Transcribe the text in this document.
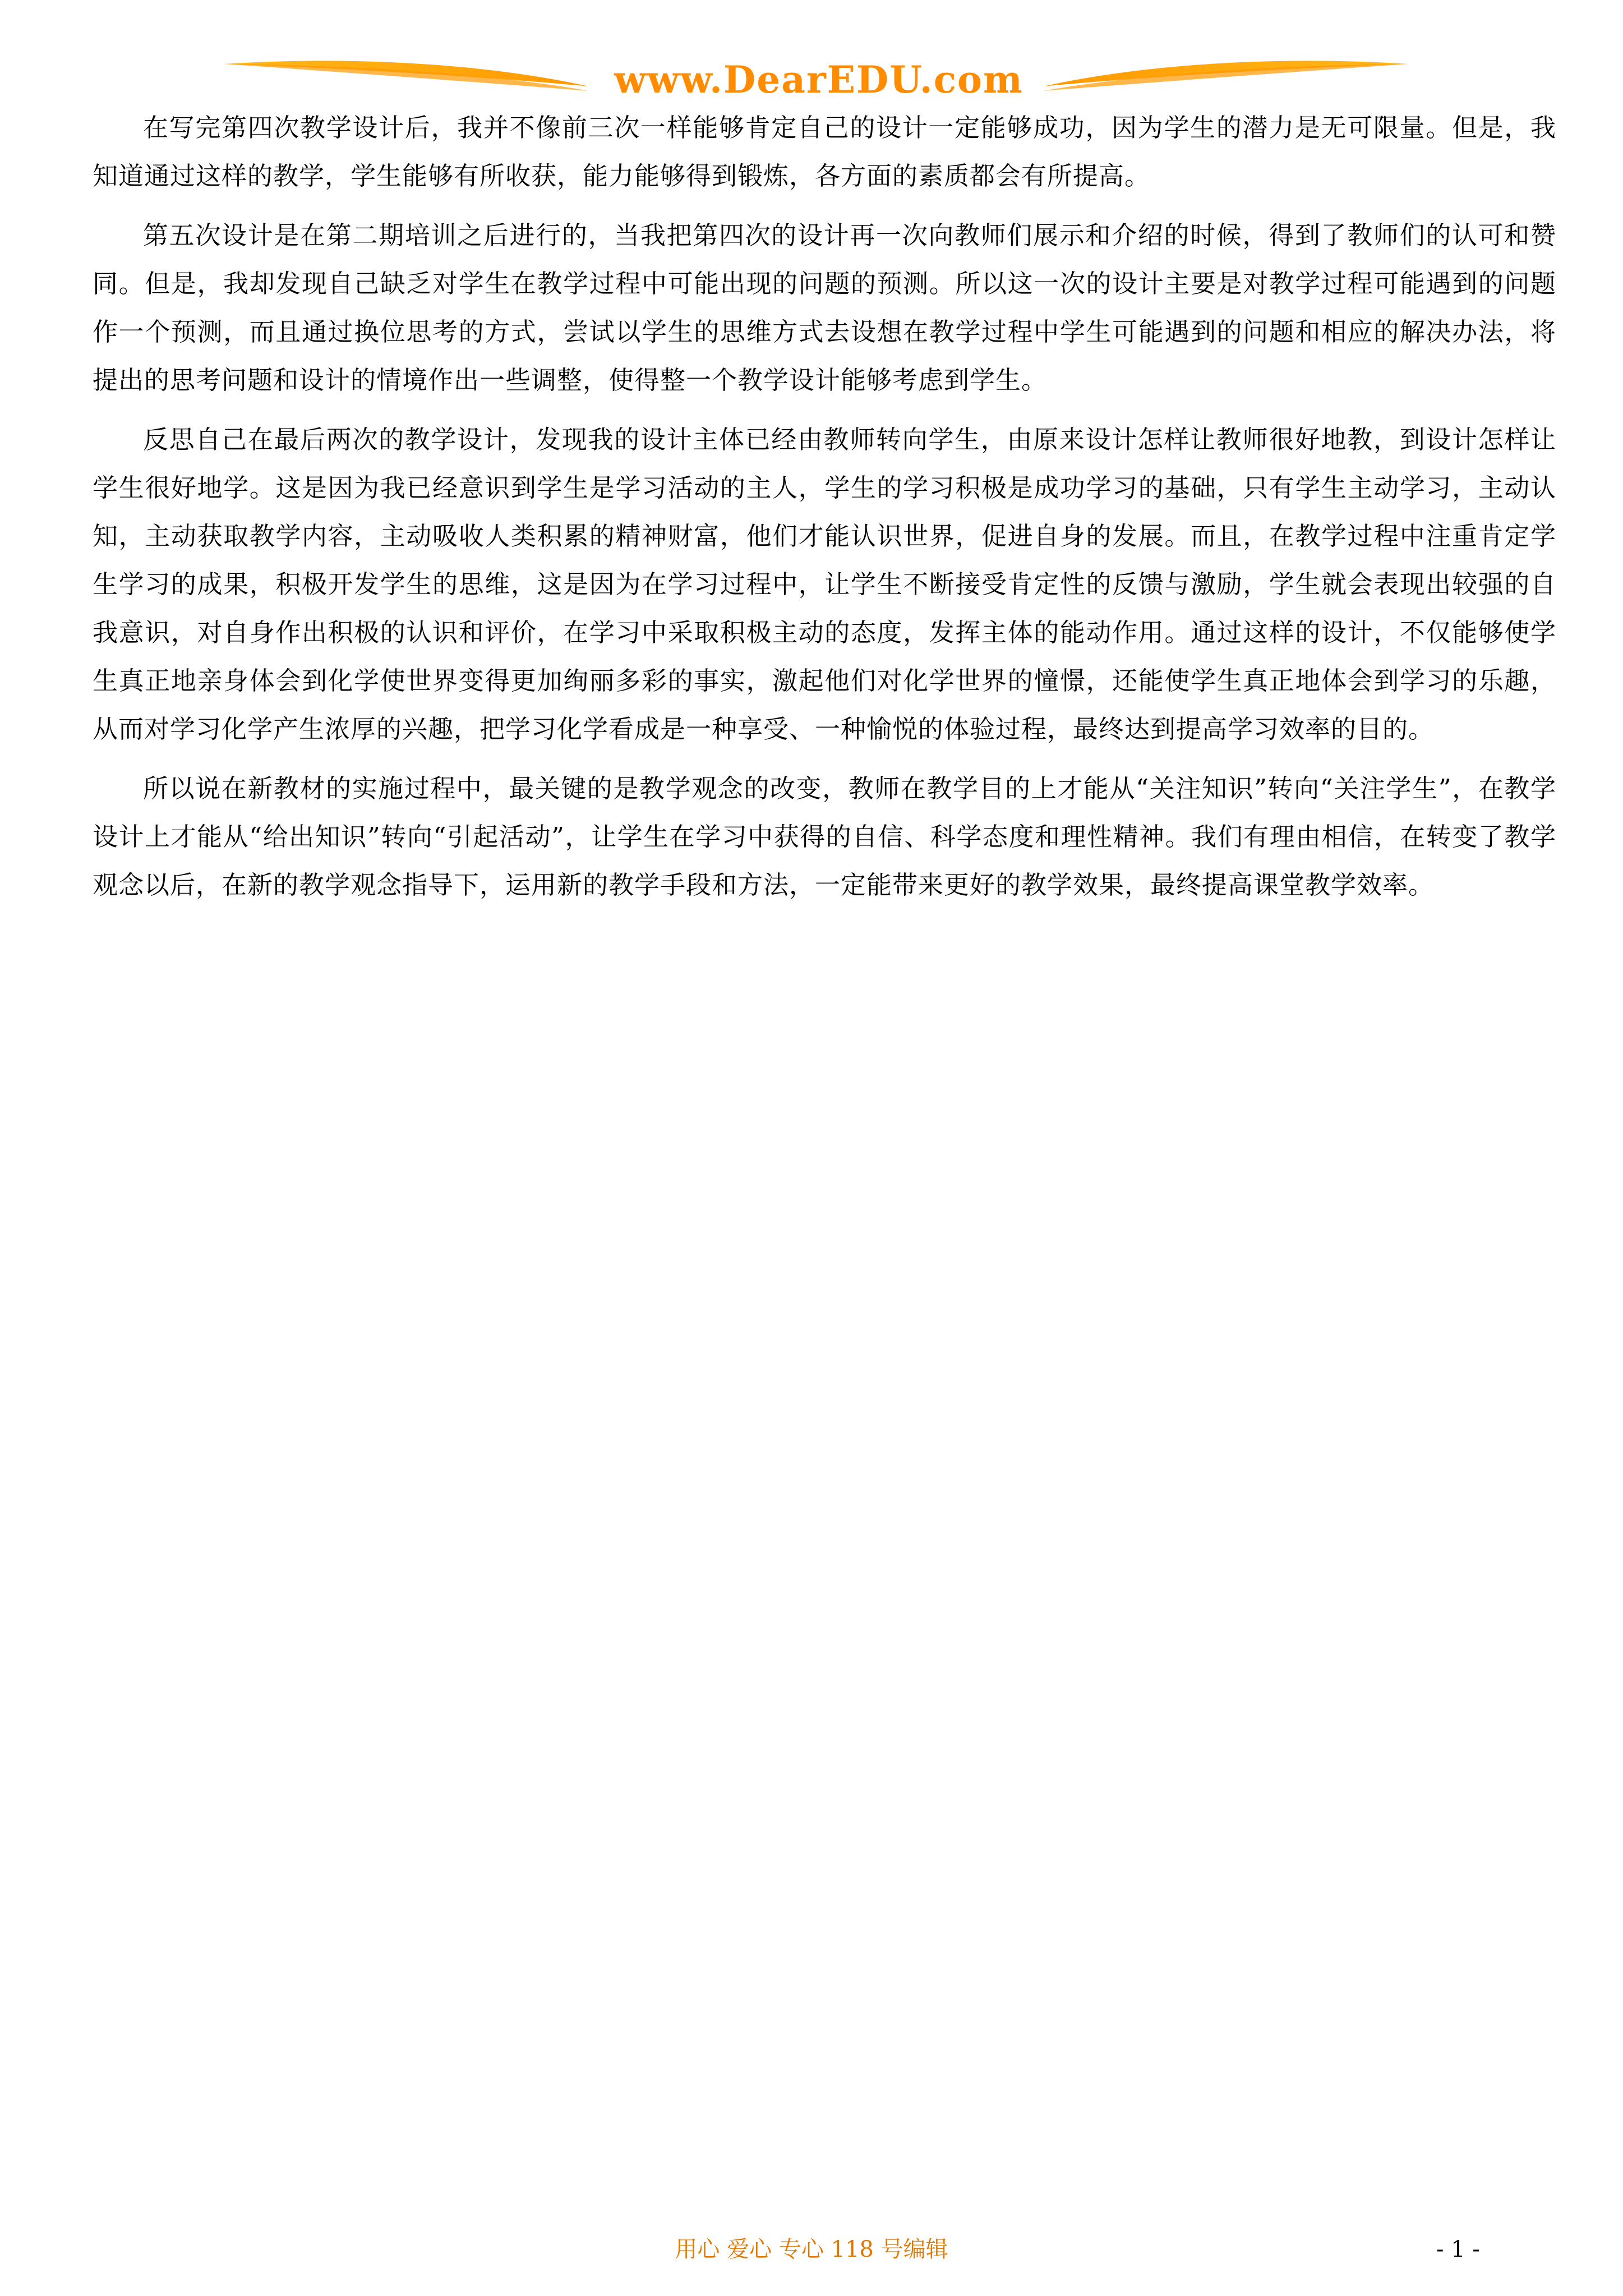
www.DearEDU.com

在写完第四次教学设计后，我并不像前三次一样能够肯定自己的设计一定能够成功，因为学生的潜力是无可限量。但是，我知道通过这样的教学，学生能够有所收获，能力能够得到锻炼，各方面的素质都会有所提高。

第五次设计是在第二期培训之后进行的，当我把第四次的设计再一次向教师们展示和介绍的时候，得到了教师们的认可和赞同。但是，我却发现自己缺乏对学生在教学过程中可能出现的问题的预测。所以这一次的设计主要是对教学过程可能遇到的问题作一个预测，而且通过换位思考的方式，尝试以学生的思维方式去设想在教学过程中学生可能遇到的问题和相应的解决办法，将提出的思考问题和设计的情境作出一些调整，使得整一个教学设计能够考虑到学生。

反思自己在最后两次的教学设计，发现我的设计主体已经由教师转向学生，由原来设计怎样让教师很好地教，到设计怎样让学生很好地学。这是因为我已经意识到学生是学习活动的主人，学生的学习积极是成功学习的基础，只有学生主动学习，主动认知，主动获取教学内容，主动吸收人类积累的精神财富，他们才能认识世界，促进自身的发展。而且，在教学过程中注重肯定学生学习的成果，积极开发学生的思维，这是因为在学习过程中，让学生不断接受肯定性的反馈与激励，学生就会表现出较强的自我意识，对自身作出积极的认识和评价，在学习中采取积极主动的态度，发挥主体的能动作用。通过这样的设计，不仅能够使学生真正地亲身体会到化学使世界变得更加绚丽多彩的事实，激起他们对化学世界的憧憬，还能使学生真正地体会到学习的乐趣，从而对学习化学产生浓厚的兴趣，把学习化学看成是一种享受、一种愉悦的体验过程，最终达到提高学习效率的目的。

所以说在新教材的实施过程中，最关键的是教学观念的改变，教师在教学目的上才能从“关注知识”转向“关注学生”，在教学设计上才能从“给出知识”转向“引起活动”，让学生在学习中获得的自信、科学态度和理性精神。我们有理由相信，在转变了教学观念以后，在新的教学观念指导下，运用新的教学手段和方法，一定能带来更好的教学效果，最终提高课堂教学效率。

用心 爱心 专心 118 号编辑	- 1 -
